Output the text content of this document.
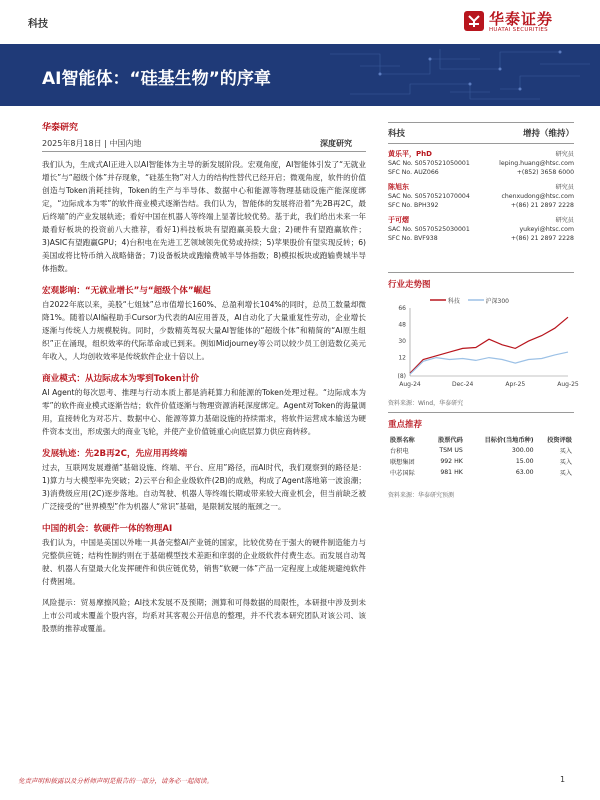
科技	华泰证券
HUATAI SECURITIES
AI智能体：“硅基生物”的序章
华泰研究
2025年8月18日 | 中国内地	深度研究

我们认为，生成式AI正进入以AI智能体为主导的新发展阶段。宏观角度，AI智能体引发了“无就业增长”与“超级个体”并存现象，“硅基生物”对人力的结构性替代已经开启；微观角度，软件的价值创造与Token消耗挂钩，Token的生产与半导体、数据中心和能源等物理基础设施产能深度绑定，“边际成本为零”的软件商业模式逐渐告结。我们认为，智能体的发展将沿着“先2B再2C，最后终端”的产业发展轨迹；看好中国在机器人等终端上显著比较优势。基于此，我们给出未来一年最看好板块的投资前八大推荐，看好1)科技板块有望跑赢美股大盘；2)硬件有望跑赢软件；3)ASIC有望跑赢GPU；4)台积电在先进工艺领域领先优势或持续；5)苹果股价有望实现反转；6)美国或将比特币纳入战略储备；7)设备板块或跑输费城半导体指数；8)模拟板块或跑输费城半导体指数。

宏观影响：“无就业增长”与“超级个体”崛起

自2022年底以来，美股“七姐妹”总市值增长160%、总盈利增长104%的同时，总员工数量却微降1%。随着以AI编程助手Cursor为代表的AI应用普及，AI自动化了大量重复性劳动，企业增长逐渐与传统人力规模脱钩。同时，少数精英驾驭大量AI智能体的“超级个体”和精简的“AI原生组织”正在涌现，组织效率的代际革命或已到来。例如Midjourney等公司以较少员工创造数亿美元年收入，人均创收效率是传统软件企业十倍以上。

商业模式：从边际成本为零到Token计价

AI Agent的每次思考、推理与行动本质上都是消耗算力和能源的Token处理过程。“边际成本为零”的软件商业模式逐渐告结；软件价值逐渐与物理资源消耗深度绑定。Agent对Token的海量调用，直接转化为对芯片、数据中心、能源等算力基础设施的持续需求，将软件运营成本输送为硬件资本支出，形成强大的商业飞轮，并使产业价值链重心向底层算力供应商转移。

发展轨迹：先2B再2C，先应用再终端

过去，互联网发展遵循“基础设施、终端、平台、应用”路径，而AI时代，我们观察到的路径是：1)算力与大模型率先突破；2)云平台和企业级软件(2B)的成熟，构成了Agent落地第一波浪潮；3)消费级应用(2C)逐步落地。自动驾驶、机器人等终端长期或带来较大商业机会，但当前缺乏被广泛接受的“世界模型”作为机器人“常识”基础，是限制发展的瓶颈之一。

中国的机会：软硬件一体的物理AI

我们认为，中国是美国以外唯一具备完整AI产业链的国家，比较优势在于强大的硬件制造能力与完整供应链；结构性制约则在于基础模型技术差距和庠弱的企业级软件付费生态。而发展自动驾驶、机器人有望最大化发挥硬件和供应链优势，销售“软硬一体”产品一定程度上或能规避纯软件付费困境。

风险提示：贸易摩擦风险；AI技术发展不及预期；测算和可得数据的局限性，本研报中涉及到未上市公司或未覆盖个股内容，均系对其客观公开信息的整理，并不代表本研究团队对该公司、该股票的推荐或覆盖。

科技	增持（维持）
黄乐平，PhD	研究员
SAC No. S0570521050001	leping.huang@htsc.com
SFC No. AUZ066	+(852) 3658 6000
陈旭东	研究员
SAC No. S0570521070004	chenxudong@htsc.com
SFC No. BPH392	+(86) 21 2897 2228
于可熠	研究员
SAC No. S0570525030001	yukeyi@htsc.com
SFC No. BVF938	+(86) 21 2897 2228
行业走势图
科技	沪深300
(8)
12
30
48
66
Aug-24	Dec-24	Apr-25	Aug-25
资料来源：Wind，华泰研究
重点推荐
股票名称	股票代码	目标价(当地币种)	投资评级
台积电	TSM US	300.00	买入
联想集团	992 HK	15.00	买入
中芯国际	981 HK	63.00	买入
资料来源：华泰研究预测
免责声明和披露以及分析师声明是报告的一部分，请务必一起阅读。	1
